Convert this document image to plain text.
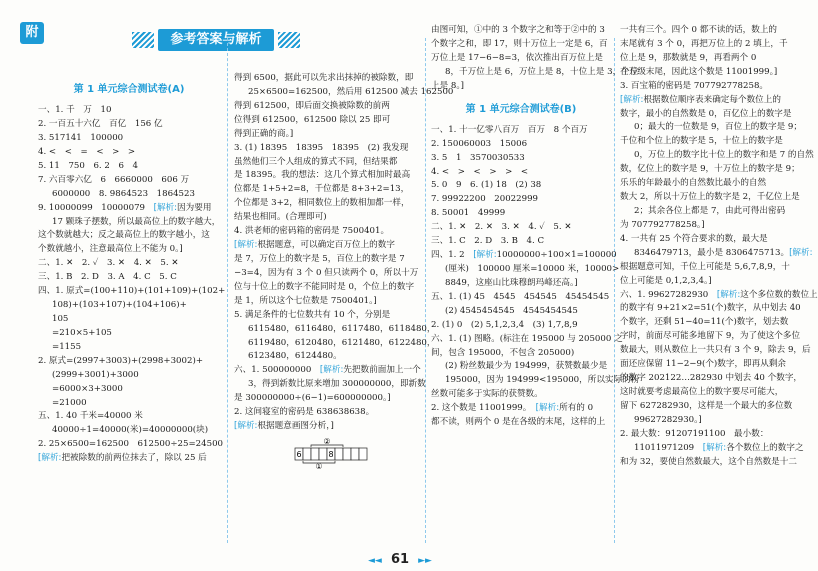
附	参考答案与解析
第 1 单元综合测试卷(A)
一、1. 千　万　10
2. 一百五十六亿　百亿　156 亿
3. 517141　100000
4. <　<　=　<　>　>
5. 11　750　6. 2　6　4
7. 六百零六亿　6　6660000　606 万
6000000　8. 9864523　1864523
9. 10000099　10000079　[解析:因为要用
17 颗珠子摆数，所以最高位上的数字越大，
这个数就越大；反之最高位上的数字越小，这
个数就越小，注意最高位上不能为 0。]
二、1. ✕　2. ✓　3. ✕　4. ✕　5. ✕
三、1. B　2. D　3. A　4. C　5. C
四、1. 原式=(100+110)+(101+109)+(102+
108)+(103+107)+(104+106)+
105
=210×5+105
=1155
2. 原式=(2997+3003)+(2998+3002)+
(2999+3001)+3000
=6000×3+3000
=21000
五、1. 40 千米=40000 米
40000÷1=40000(米)=40000000(块)
2. 25×6500=162500　612500÷25=24500
[解析:把被除数的前两位抹去了，除以 25 后
得到 6500，据此可以先求出抹掉的被除数，即
25×6500=162500，然后用 612500 减去 162500
得到 612500，即后面交换被除数的前两
位得到 612500，612500 除以 25 即可
得到正确的商。]
3. (1) 18395　18395　18395　(2) 我发现
虽然他们三个人组成的算式不同，但结果都
是 18395。我的想法：这几个算式相加时最高
位都是 1+5+2=8，千位都是 8+3+2=13，
个位都是 3+2，相同数位上的数相加都一样，
结果也相同。(合理即可)
4. 洪老师的密码箱的密码是 7500401。
[解析:根据题意，可以确定百万位上的数字
是 7，万位上的数字是 5，百位上的数字是 7
−3=4，因为有 3 个 0 但只读两个 0，所以十万
位与十位上的数字不能同时是 0，个位上的数字
是 1，所以这个七位数是 7500401。]
5. 满足条件的七位数共有 10 个，分别是
6115480，6116480，6117480，6118480，
6119480，6120480，6121480，6122480，
6123480，6124480。
六、1. 500000000　[解析:先把数前面加上一个
3，得到新数比原来增加 300000000，即新数
是 300000000÷(6−1)=600000000。]
2. 这间寝室的密码是 638638638。
[解析:根据题意画图分析，]
②
6	8
①
由图可知，①中的 3 个数字之和等于②中的 3
个数字之和，即 17，则十万位上一定是 6，百
万位上是 17−6−8=3，依次推出百万位上是
8，千万位上是 6，万位上是 8，十位上是 3，个位
上是 8。]
第 1 单元综合测试卷(B)
一、1. 十一亿零八百万　百万　8 个百万
2. 150060003　15006
3. 5　1　3570030533
4. <　>　<　>　>　<
5. 0　9　6. (1) 18　(2) 38
7. 99922200　20022999
8. 50001　49999
二、1. ✕　2. ✕　3. ✕　4. ✓　5. ✕
三、1. C　2. D　3. B　4. C
四、1. 2　[解析:10000000÷100×1=100000
(厘米)　100000 厘米=10000 米，10000>
8849，这座山比珠穆朗玛峰还高。]
五、1. (1) 45　4545　454545　45454545
(2) 4545454545　4545454545
2. (1) 0　(2) 5,1,2,3,4　(3) 1,7,8,9
六、1. (1) 图略。(标注在 195000 与 205000 之
间，包含 195000，不包含 205000)
(2) 粉丝数最少为 194999，获赞数最少是
195000，因为 194999<195000，所以实际的粉
丝数可能多于实际的获赞数。
2. 这个数是 11001999。　[解析:所有的 0
都不读，则两个 0 是在各级的末尾，这样的上
一共有三个。四个 0 都不读的话，数上的
末尾就有 3 个 0，再把万位上的 2 填上，千
位上是 9，那数就是 9，再看两个 0
在万级末尾，因此这个数是 11001999。]
3. 百宝箱的密码是 707792778258。
[解析:根据数位顺序表来确定每个数位上的
数字，最小的自然数是 0，百亿位上的数字是
0；最大的一位数是 9，百位上的数字是 9；
千位和个位上的数字是 5，十位上的数字是
0，万位上的数字比十位上的数字和是 7 的自然
数，亿位上的数字是 9，十万位上的数字是 9；
乐乐的年龄最小的自然数比最小的自然
数大 2，所以十万位上的数字是 2，千亿位上是
2；其余各位上都是 7，由此可得出密码
为 707792778258。]
4. 一共有 25 个符合要求的数，最大是
8346479713，最小是 8306475713。[解析:
根据题意可知，千位上可能是 5,6,7,8,9，十
位上可能是 0,1,2,3,4。]
六、1. 99627282930　[解析:这个多位数的数位上
的数字有 9+21×2=51(个)数字，从中划去 40
个数字，还剩 51−40=11(个)数字，划去数
字时，前面尽可能多地留下 9，为了使这个多位
数最大，则从数位上一共只有 3 个 9，除去 9，后
面还应保留 11−2−9(个)数字，即再从剩余
的数字 202122…282930 中划去 40 个数字，
这时就要考虑最高位上的数字要尽可能大，
留下 627282930，这样是一个最大的多位数
99627282930。]
2. 最大数：91207191100　最小数：
11011971209　[解析:各个数位上的数字之
和为 32，要使自然数最大，这个自然数是十二
◄◄ 61 ►►
